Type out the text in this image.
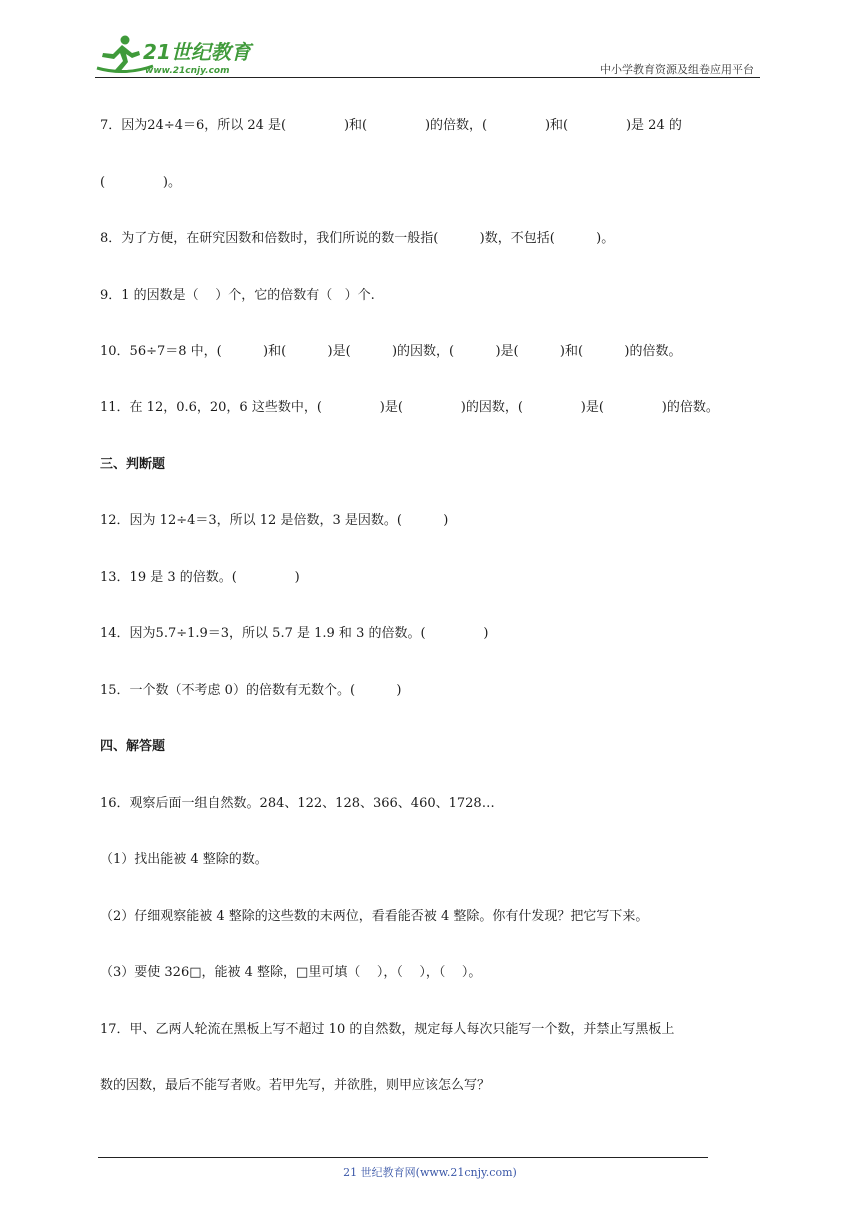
21世纪教育
www.21cnjy.com	中小学教育资源及组卷应用平台
7．因为24÷4＝6，所以 24 是(              )和(              )的倍数，(              )和(              )是 24 的
(              )。
8．为了方便，在研究因数和倍数时，我们所说的数一般指(          )数，不包括(          )。
9．1 的因数是（    ）个，它的倍数有（   ）个.
10．56÷7＝8 中，(          )和(          )是(          )的因数，(          )是(          )和(          )的倍数。
11．在 12，0.6，20，6 这些数中，(              )是(              )的因数，(              )是(              )的倍数。
三、判断题
12．因为 12÷4＝3，所以 12 是倍数，3 是因数。(          )
13．19 是 3 的倍数。(              )
14．因为5.7÷1.9＝3，所以 5.7 是 1.9 和 3 的倍数。(              )
15．一个数（不考虑 0）的倍数有无数个。(          )
四、解答题
16．观察后面一组自然数。284、122、128、366、460、1728…
（1）找出能被 4 整除的数。
（2）仔细观察能被 4 整除的这些数的末两位，看看能否被 4 整除。你有什发现？把它写下来。
（3）要使 326□，能被 4 整除，□里可填（    ），（    ），（    ）。
17．甲、乙两人轮流在黑板上写不超过 10 的自然数，规定每人每次只能写一个数，并禁止写黑板上
数的因数，最后不能写者败。若甲先写，并欲胜，则甲应该怎么写？
21 世纪教育网(www.21cnjy.com)
